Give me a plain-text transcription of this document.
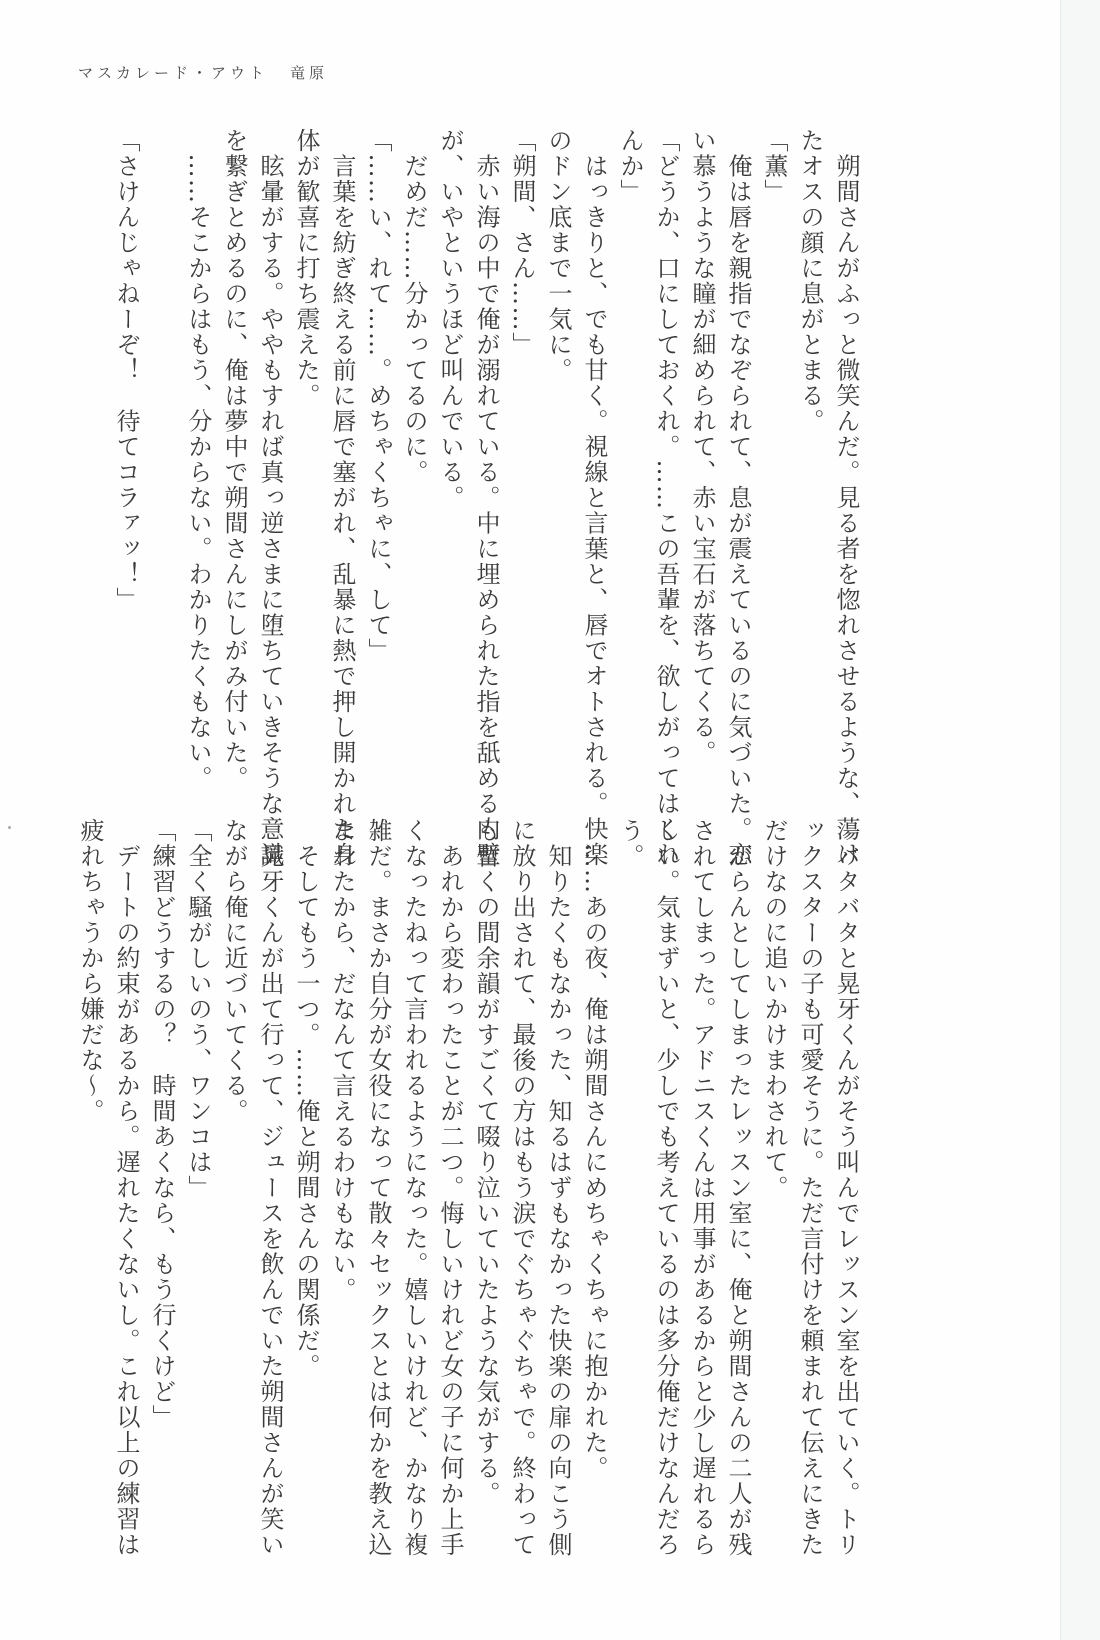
マスカレード・アウト 竜原
　朔間さんがふっと微笑んだ。見る者を惚れさせるような、蕩け
たオスの顔に息がとまる。
「薫」
　俺は唇を親指でなぞられて、息が震えているのに気づいた。恋
い慕うような瞳が細められて、赤い宝石が落ちてくる。
「どうか、口にしておくれ。……この吾輩を、欲しがってはくれ
んか」
　はっきりと、でも甘く。視線と言葉と、唇でオトされる。快楽
のドン底まで一気に。
「朔間、さん……」
　赤い海の中で俺が溺れている。中に埋められた指を舐める内壁
が、いやというほど叫んでいる。
　だめだ……分かってるのに。
「……い、れて……。めちゃくちゃに、して」
　言葉を紡ぎ終える前に唇で塞がれ、乱暴に熱で押し開かれた身
体が歓喜に打ち震えた。
　眩暈がする。ややもすれば真っ逆さまに堕ちていきそうな意識
を繋ぎとめるのに、俺は夢中で朔間さんにしがみ付いた。
　……そこからはもう、分からない。わかりたくもない。
「さけんじゃねーぞ！　待てコラァッ！」
　バタバタと晃牙くんがそう叫んでレッスン室を出ていく。トリ
ックスターの子も可愛そうに。ただ言付けを頼まれて伝えにきた
だけなのに追いかけまわされて。
　がらんとしてしまったレッスン室に、俺と朔間さんの二人が残
されてしまった。アドニスくんは用事があるからと少し遅れるら
しい。気まずいと、少しでも考えているのは多分俺だけなんだろ
う。
　……あの夜、俺は朔間さんにめちゃくちゃに抱かれた。
　知りたくもなかった、知るはずもなかった快楽の扉の向こう側
に放り出されて、最後の方はもう涙でぐちゃぐちゃで。終わって
も暫くの間余韻がすごくて啜り泣いていたような気がする。
　あれから変わったことが二つ。悔しいけれど女の子に何か上手
くなったねって言われるようになった。嬉しいけれど、かなり複
雑だ。まさか自分が女役になって散々セックスとは何かを教え込
まれたから、だなんて言えるわけもない。
　そしてもう一つ。……俺と朔間さんの関係だ。
　晃牙くんが出て行って、ジュースを飲んでいた朔間さんが笑い
ながら俺に近づいてくる。
「全く騒がしいのう、ワンコは」
「練習どうするの？　時間あくなら、もう行くけど」
　デートの約束があるから。遅れたくないし。これ以上の練習は
疲れちゃうから嫌だな～。
